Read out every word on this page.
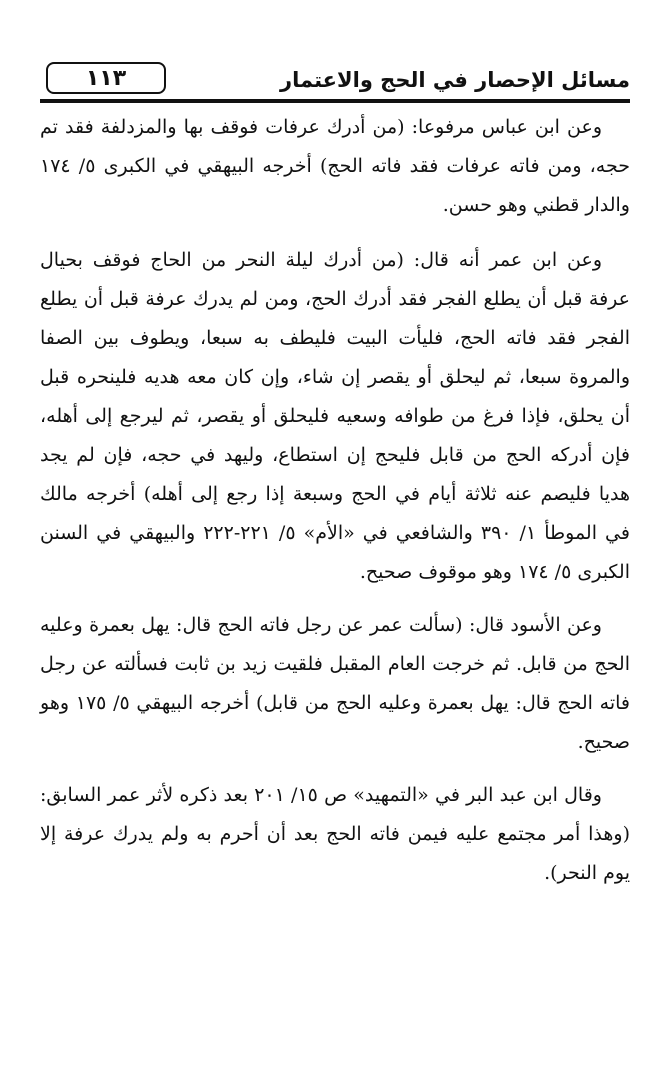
١١٣	مسائل الإحصار في الحج والاعتمار

وعن ابن عباس مرفوعا: (من أدرك عرفات فوقف بها والمزدلفة فقد تم حجه، ومن فاته عرفات فقد فاته الحج) أخرجه البيهقي في الكبرى ٥/ ١٧٤ والدار قطني وهو حسن.

وعن ابن عمر أنه قال: (من أدرك ليلة النحر من الحاج فوقف بحيال عرفة قبل أن يطلع الفجر فقد أدرك الحج، ومن لم يدرك عرفة قبل أن يطلع الفجر فقد فاته الحج، فليأت البيت فليطف به سبعا، ويطوف بين الصفا والمروة سبعا، ثم ليحلق أو يقصر إن شاء، وإن كان معه هديه فلينحره قبل أن يحلق، فإذا فرغ من طوافه وسعيه فليحلق أو يقصر، ثم ليرجع إلى أهله، فإن أدركه الحج من قابل فليحج إن استطاع، وليهد في حجه، فإن لم يجد هديا فليصم عنه ثلاثة أيام في الحج وسبعة إذا رجع إلى أهله) أخرجه مالك في الموطأ ١/ ٣٩٠ والشافعي في «الأم» ٥/ ٢٢١-٢٢٢ والبيهقي في السنن الكبرى ٥/ ١٧٤ وهو موقوف صحيح.

وعن الأسود قال: (سألت عمر عن رجل فاته الحج قال: يهل بعمرة وعليه الحج من قابل. ثم خرجت العام المقبل فلقيت زيد بن ثابت فسألته عن رجل فاته الحج قال: يهل بعمرة وعليه الحج من قابل) أخرجه البيهقي ٥/ ١٧٥ وهو صحيح.

وقال ابن عبد البر في «التمهيد» ص ١٥/ ٢٠١ بعد ذكره لأثر عمر السابق: (وهذا أمر مجتمع عليه فيمن فاته الحج بعد أن أحرم به ولم يدرك عرفة إلا يوم النحر).
